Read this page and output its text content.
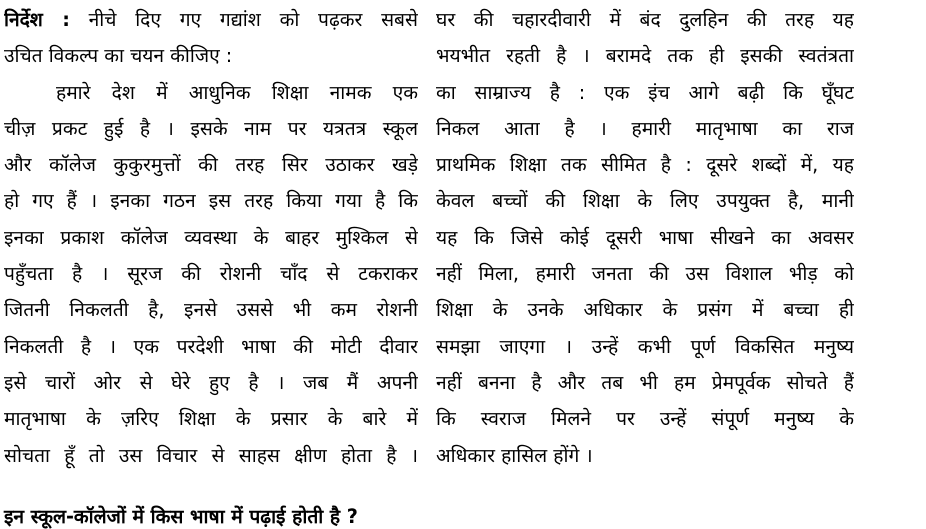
निर्देश : नीचे दिए गए गद्यांश को पढ़कर सबसे
उचित विकल्प का चयन कीजिए :
हमारे देश में आधुनिक शिक्षा नामक एक
चीज़ प्रकट हुई है । इसके नाम पर यत्रतत्र स्कूल
और कॉलेज कुकुरमुत्तों की तरह सिर उठाकर खड़े
हो गए हैं । इनका गठन इस तरह किया गया है कि
इनका प्रकाश कॉलेज व्यवस्था के बाहर मुश्किल से
पहुँचता है । सूरज की रोशनी चाँद से टकराकर
जितनी निकलती है, इनसे उससे भी कम रोशनी
निकलती है । एक परदेशी भाषा की मोटी दीवार
इसे चारों ओर से घेरे हुए है । जब मैं अपनी
मातृभाषा के ज़रिए शिक्षा के प्रसार के बारे में
सोचता हूँ तो उस विचार से साहस क्षीण होता है ।
घर की चहारदीवारी में बंद दुलहिन की तरह यह
भयभीत रहती है । बरामदे तक ही इसकी स्वतंत्रता
का साम्राज्य है : एक इंच आगे बढ़ी कि घूँघट
निकल आता है । हमारी मातृभाषा का राज
प्राथमिक शिक्षा तक सीमित है : दूसरे शब्दों में, यह
केवल बच्चों की शिक्षा के लिए उपयुक्त है, मानी
यह कि जिसे कोई दूसरी भाषा सीखने का अवसर
नहीं मिला, हमारी जनता की उस विशाल भीड़ को
शिक्षा के उनके अधिकार के प्रसंग में बच्चा ही
समझा जाएगा । उन्हें कभी पूर्ण विकसित मनुष्य
नहीं बनना है और तब भी हम प्रेमपूर्वक सोचते हैं
कि स्वराज मिलने पर उन्हें संपूर्ण मनुष्य के
अधिकार हासिल होंगे ।
इन स्कूल-कॉलेजों में किस भाषा में पढ़ाई होती है ?
